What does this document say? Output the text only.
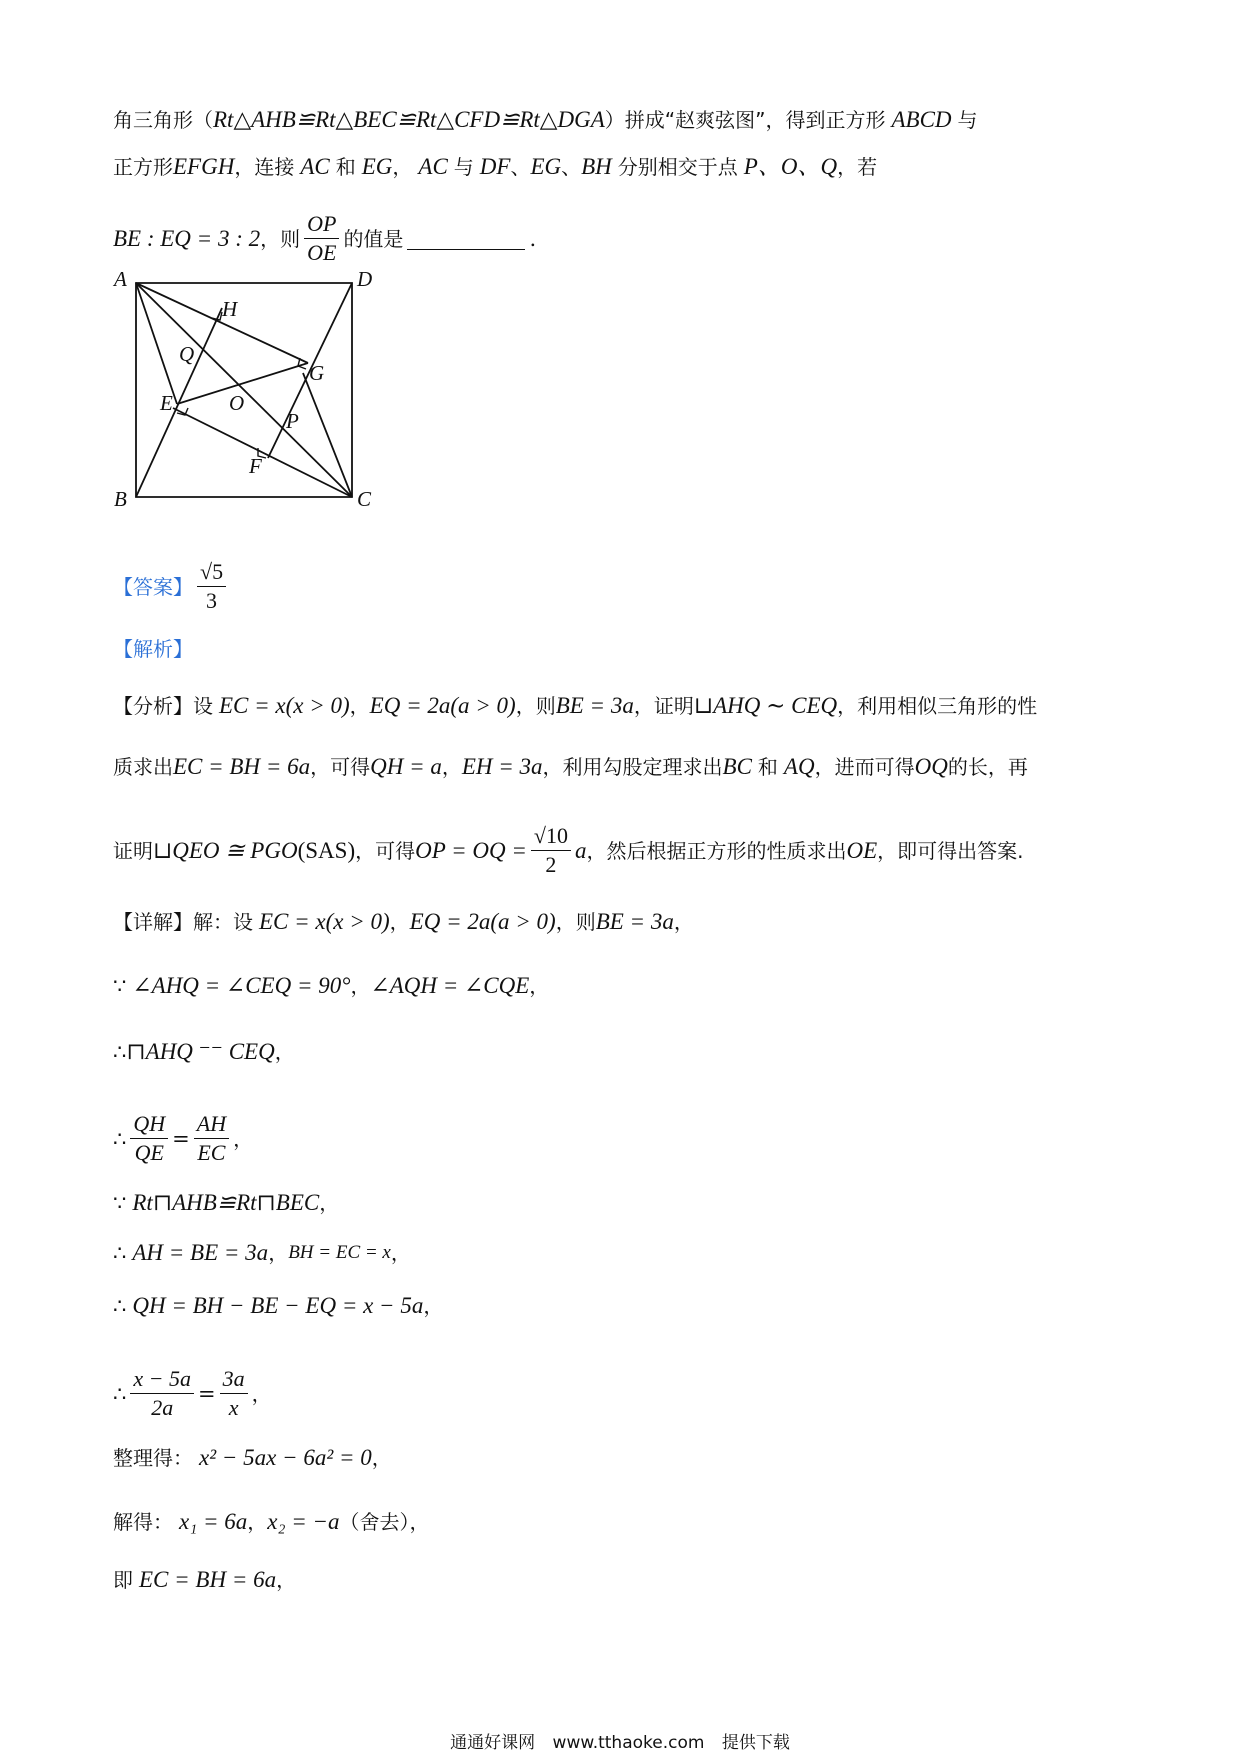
角三角形（ Rt△AHB≌Rt△BEC≌Rt△CFD≌Rt△DGA ）拼成“赵爽弦图”，得到正方形 ABCD 与
正方形 EFGH ，连接 AC 和 EG ， AC 与 DF 、 EG 、 BH 分别相交于点 P、O、Q ，若
BE : EQ = 3 : 2 ，则 $\frac{OP}{OE}$ 的值是	.
A	D
B	C
H
Q
G
E	O
P
F
【答案】 $\frac{√5}{3}$
【解析】
【分析】 设 EC = x(x > 0) ， EQ = 2a(a > 0) ，则 BE = 3a ，证明 ⊔AHQ ∼ CEQ ，利用相似三角形的性
质求出 EC = BH = 6a ，可得 QH = a ， EH = 3a ，利用勾股定理求出 BC 和 AQ ，进而可得 OQ 的长，再
证明 ⊔QEO ≅ PGO (SAS) ，可得 OP = OQ = $\frac{√10}{2}$ a ，然后根据正方形的性质求出 OE ，即可得出答案.
【详解】 解：设 EC = x(x > 0) ， EQ = 2a(a > 0) ，则 BE = 3a ，
∵ ∠AHQ = ∠CEQ = 90° ， ∠AQH = ∠CQE ，
∴ ⊓AHQ ⁻⁻ CEQ ，
∴ $\frac{QH}{QE} = \frac{AH}{EC}$ ，
∵ Rt⊓AHB≌Rt⊓BEC ，
∴ AH = BE = 3a ， BH = EC = x ，
∴ QH = BH − BE − EQ = x − 5a ，
∴ $\frac{x - 5a}{2a} = \frac{3a}{x}$ ，
整理得： x² − 5ax − 6a² = 0 ，
解得： x₁ = 6a ， x₂ = −a （舍去），
即 EC = BH = 6a ，
通通好课网 www.tthaoke.com 提供下载
